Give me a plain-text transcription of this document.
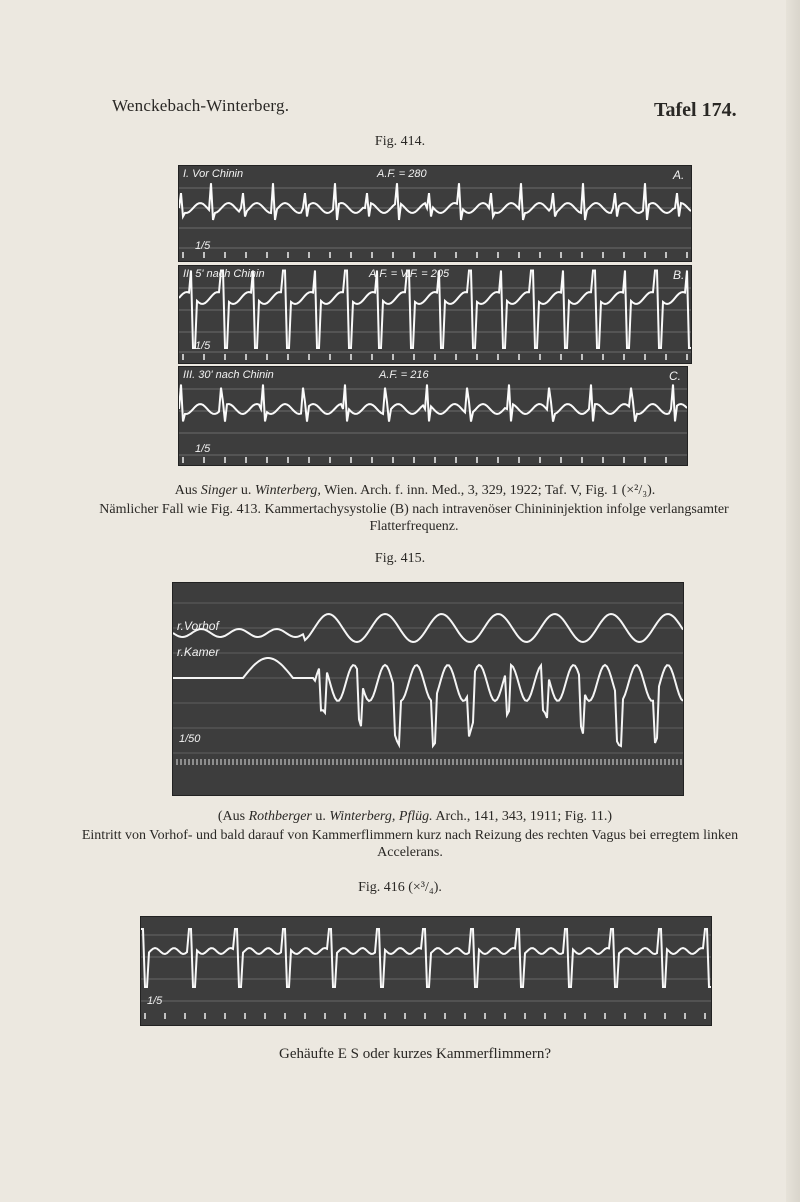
Wenckebach-Winterberg.	Tafel 174.
Fig. 414.
I. Vor Chinin	A.F. = 280	A.
1/5
II. 5' nach Chinin	A.F. = V.F. = 205	B.
1/5
III. 30' nach Chinin	A.F. = 216	C.
1/5
Aus Singer u. Winterberg, Wien. Arch. f. inn. Med., 3, 329, 1922; Taf. V, Fig. 1 (×²/₃).
Nämlicher Fall wie Fig. 413. Kammertachysystolie (B) nach intravenöser Chinininjektion infolge verlangsamter Flatterfrequenz.
Fig. 415.
r.Vorhof
r.Kamer
1/50
(Aus Rothberger u. Winterberg, Pflüg. Arch., 141, 343, 1911; Fig. 11.)
Eintritt von Vorhof- und bald darauf von Kammerflimmern kurz nach Reizung des rechten Vagus bei erregtem linken Accelerans.
Fig. 416 (×³/₄).
1/5
Gehäufte E S oder kurzes Kammerflimmern?
